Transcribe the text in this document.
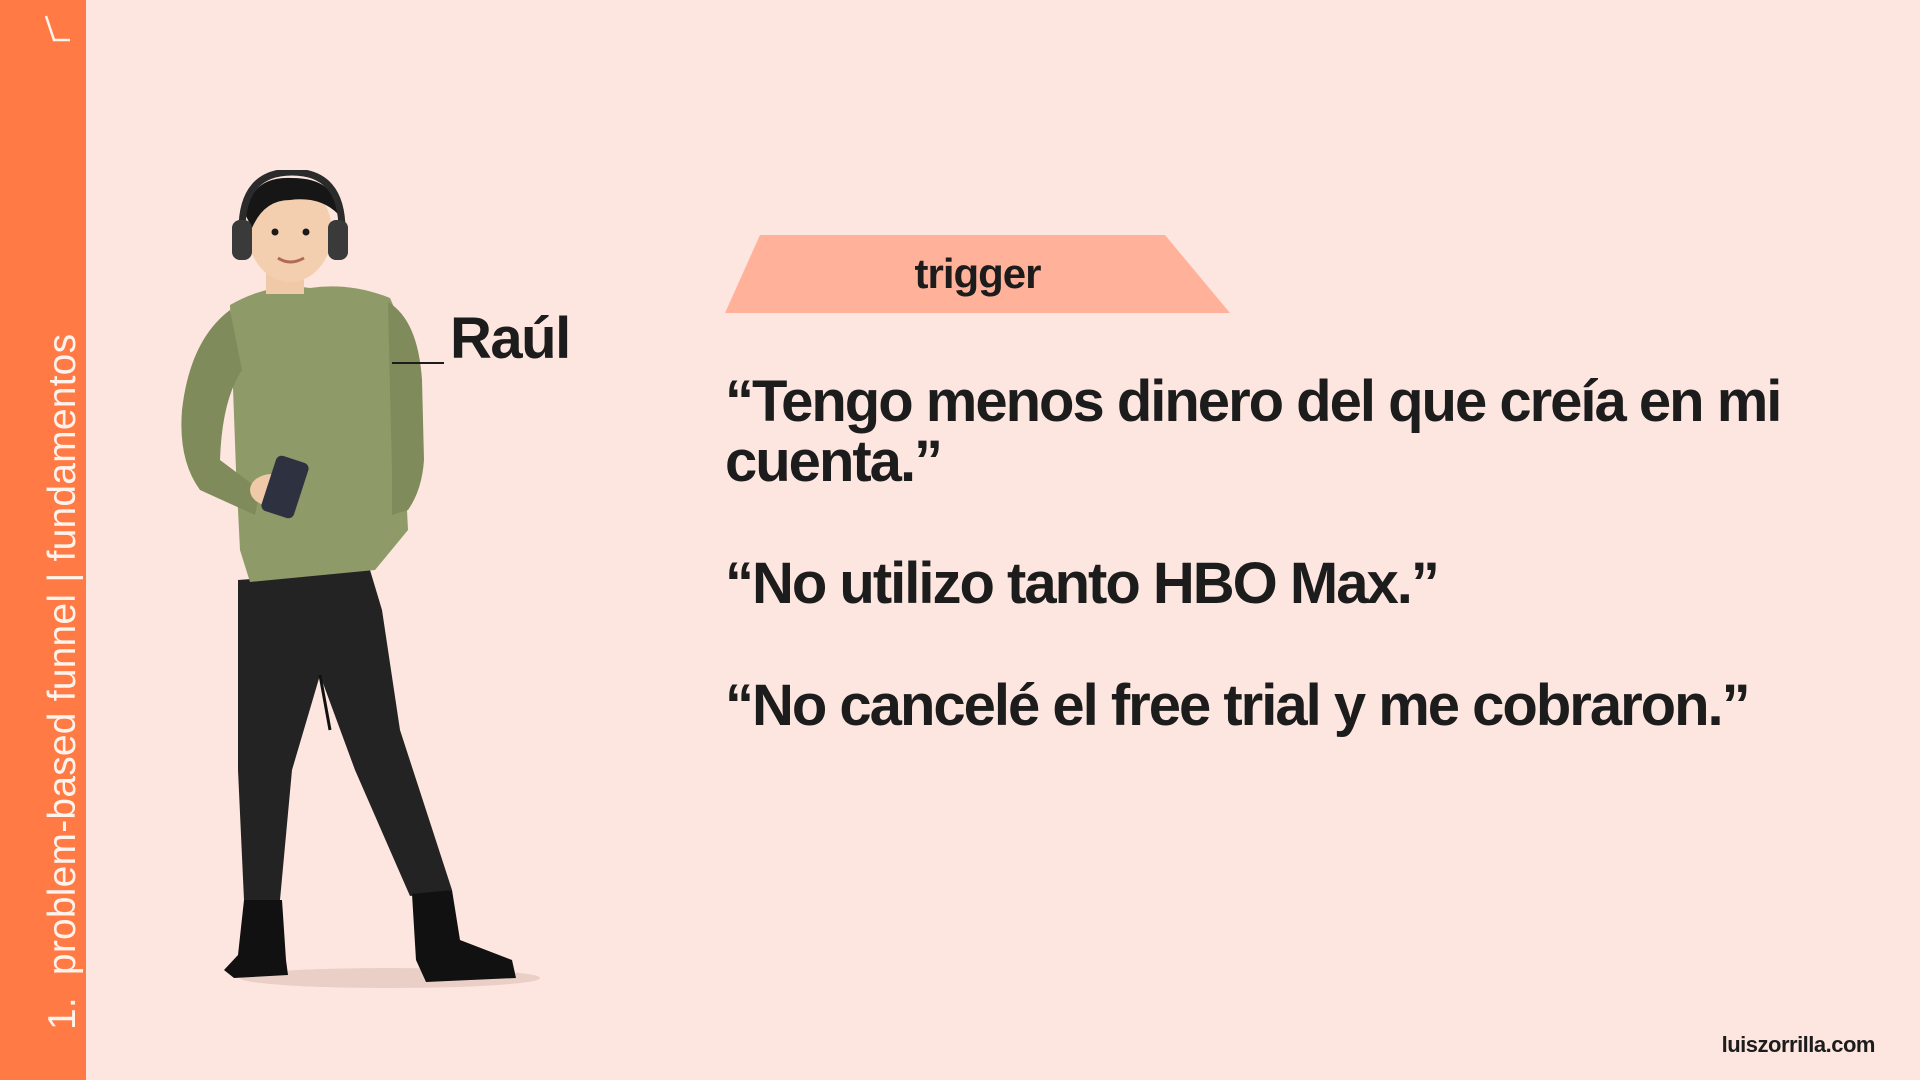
1.problem-based funnel | fundamentos	Raúl
trigger

“Tengo menos dinero del que creía en mi cuenta.”

“No utilizo tanto HBO Max.”

“No cancelé el free trial y me cobraron.”

luiszorrilla.com
